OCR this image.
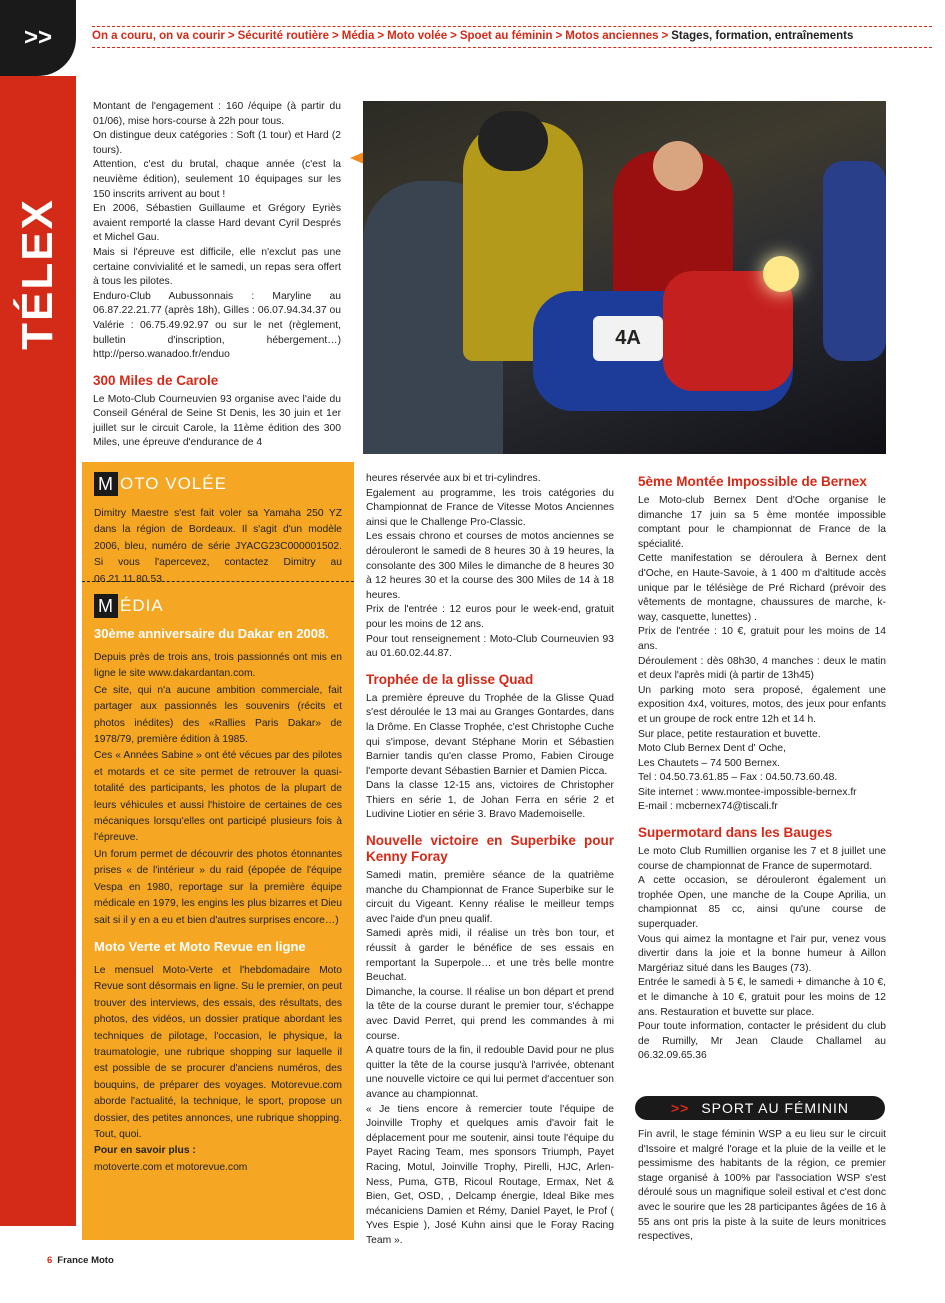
>>
TÉLEX
On a couru, on va courir > Sécurité routière > Média > Moto volée > Spoet au féminin > Motos anciennes > Stages, formation, entraînements

Montant de l'engagement : 160 /équipe (à partir du 01/06), mise hors-course à 22h pour tous.

On distingue deux catégories : Soft (1 tour) et Hard (2 tours).

Attention, c'est du brutal, chaque année (c'est la neuvième édition), seulement 10 équipages sur les 150 inscrits arrivent au bout !

En 2006, Sébastien Guillaume et Grégory Eyriès avaient remporté la classe Hard devant Cyril Després et Michel Gau.

Mais si l'épreuve est difficile, elle n'exclut pas une certaine convivialité et le samedi, un repas sera offert à tous les pilotes.

Enduro-Club Aubussonnais : Maryline au 06.87.22.21.77 (après 18h), Gilles : 06.07.94.34.37 ou Valérie : 06.75.49.92.97 ou sur le net (règlement, bulletin d'inscription, hébergement…) http://perso.wanadoo.fr/enduo

300 Miles de Carole

Le Moto-Club Courneuvien 93 organise avec l'aide du Conseil Général de Seine St Denis, les 30 juin et 1er juillet sur le circuit Carole, la 11ème édition des 300 Miles, une épreuve d'endurance de 4

4A
M OTO VOLÉE

Dimitry Maestre s'est fait voler sa Yamaha 250 YZ dans la région de Bordeaux. Il s'agit d'un modèle 2006, bleu, numéro de série JYACG23C000001502. Si vous l'apercevez, contactez Dimitry au 06.21.11.80.53.

M ÉDIA
30ème anniversaire du Dakar en 2008.

Depuis près de trois ans, trois passionnés ont mis en ligne le site www.dakardantan.com.

Ce site, qui n'a aucune ambition commerciale, fait partager aux passionnés les souvenirs (récits et photos inédites) des «Rallies Paris Dakar» de 1978/79, première édition à 1985.

Ces « Années Sabine » ont été vécues par des pilotes et motards et ce site permet de retrouver la quasi-totalité des participants, les photos de la plupart de leurs véhicules et aussi l'histoire de certaines de ces mécaniques lorsqu'elles ont participé plusieurs fois à l'épreuve.

Un forum permet de découvrir des photos étonnantes prises « de l'intérieur » du raid (épopée de l'équipe Vespa en 1980, reportage sur la première équipe médicale en 1979, les engins les plus bizarres et Dieu sait si il y en a eu et bien d'autres surprises encore…)

Moto Verte et Moto Revue en ligne

Le mensuel Moto-Verte et l'hebdomadaire Moto Revue sont désormais en ligne. Su le premier, on peut trouver des interviews, des essais, des résultats, des photos, des vidéos, un dossier pratique abordant les techniques de pilotage, l'occasion, le physique, la traumatologie, une rubrique shopping sur laquelle il est possible de se procurer d'anciens numéros, des bouquins, de préparer des voyages. Motorevue.com aborde l'actualité, la technique, le sport, propose un dossier, des petites annonces, une rubrique shopping. Tout, quoi.

Pour en savoir plus :

motoverte.com et motorevue.com

heures réservée aux bi et tri-cylindres.

Egalement au programme, les trois catégories du Championnat de France de Vitesse Motos Anciennes ainsi que le Challenge Pro-Classic.

Les essais chrono et courses de motos anciennes se dérouleront le samedi de 8 heures 30 à 19 heures, la consolante des 300 Miles le dimanche de 8 heures 30 à 12 heures 30 et la course des 300 Miles de 14 à 18 heures.

Prix de l'entrée : 12 euros pour le week-end, gratuit pour les moins de 12 ans.

Pour tout renseignement : Moto-Club Courneuvien 93 au 01.60.02.44.87.

Trophée de la glisse Quad

La première épreuve du Trophée de la Glisse Quad s'est déroulée le 13 mai au Granges Gontardes, dans la Drôme. En Classe Trophée, c'est Christophe Cuche qui s'impose, devant Stéphane Morin et Sébastien Barnier tandis qu'en classe Promo, Fabien Cirouge l'emporte devant Sébastien Barnier et Damien Picca.

Dans la classe 12-15 ans, victoires de Christopher Thiers en série 1, de Johan Ferra en série 2 et Ludivine Liotier en série 3. Bravo Mademoiselle.

Nouvelle victoire en Superbike pour Kenny Foray

Samedi matin, première séance de la quatrième manche du Championnat de France Superbike sur le circuit du Vigeant. Kenny réalise le meilleur temps avec l'aide d'un pneu qualif.

Samedi après midi, il réalise un très bon tour, et réussit à garder le bénéfice de ses essais en remportant la Superpole… et une très belle montre Beuchat.

Dimanche, la course. Il réalise un bon départ et prend la tête de la course durant le premier tour, s'échappe avec David Perret, qui prend les commandes à mi course.

A quatre tours de la fin, il redouble David pour ne plus quitter la tête de la course jusqu'à l'arrivée, obtenant une nouvelle victoire ce qui lui permet d'accentuer son avance au championnat.

« Je tiens encore à remercier toute l'équipe de Joinville Trophy et quelques amis d'avoir fait le déplacement pour me soutenir, ainsi toute l'équipe du Payet Racing Team, mes sponsors Triumph, Payet Racing, Motul, Joinville Trophy, Pirelli, HJC, Arlen-Ness, Puma, GTB, Ricoul Routage, Ermax, Net & Bien, Get, OSD, , Delcamp énergie, Ideal Bike mes mécaniciens Damien et Rémy, Daniel Payet, le Prof ( Yves Espie ), José Kuhn ainsi que le Foray Racing Team ».

5ème Montée Impossible de Bernex

Le Moto-club Bernex Dent d'Oche organise le dimanche 17 juin sa 5 ème montée impossible comptant pour le championnat de France de la spécialité.

Cette manifestation se déroulera à Bernex dent d'Oche, en Haute-Savoie, à 1 400 m d'altitude accès unique par le télésiège de Pré Richard (prévoir des vêtements de montagne, chaussures de marche, k-way, casquette, lunettes) .

Prix de l'entrée : 10 €, gratuit pour les moins de 14 ans.

Déroulement : dès 08h30, 4 manches : deux le matin et deux l'après midi (à partir de 13h45)

Un parking moto sera proposé, également une exposition 4x4, voitures, motos, des jeux pour enfants et un groupe de rock entre 12h et 14 h.

Sur place, petite restauration et buvette.

Moto Club Bernex Dent d' Oche,

Les Chautets – 74 500 Bernex.

Tel : 04.50.73.61.85 – Fax : 04.50.73.60.48.

Site internet : www.montee-impossible-bernex.fr

E-mail : mcbernex74@tiscali.fr

Supermotard dans les Bauges

Le moto Club Rumillien organise les 7 et 8 juillet une course de championnat de France de supermotard.

A cette occasion, se dérouleront également un trophée Open, une manche de la Coupe Aprilia, un championnat 85 cc, ainsi qu'une course de superquader.

Vous qui aimez la montagne et l'air pur, venez vous divertir dans la joie et la bonne humeur à Aillon Margériaz situé dans les Bauges (73).

Entrée le samedi à 5 €, le samedi + dimanche à 10 €, et le dimanche à 10 €, gratuit pour les moins de 12 ans. Restauration et buvette sur place.

Pour toute information, contacter le président du club de Rumilly, Mr Jean Claude Challamel au 06.32.09.65.36

>> SPORT AU FÉMININ

Fin avril, le stage féminin WSP a eu lieu sur le circuit d'Issoire et malgré l'orage et la pluie de la veille et le pessimisme des habitants de la région, ce premier stage organisé à 100% par l'association WSP s'est déroulé sous un magnifique soleil estival et c'est donc avec le sourire que les 28 participantes âgées de 16 à 55 ans ont pris la piste à la suite de leurs monitrices respectives,

6 France Moto
